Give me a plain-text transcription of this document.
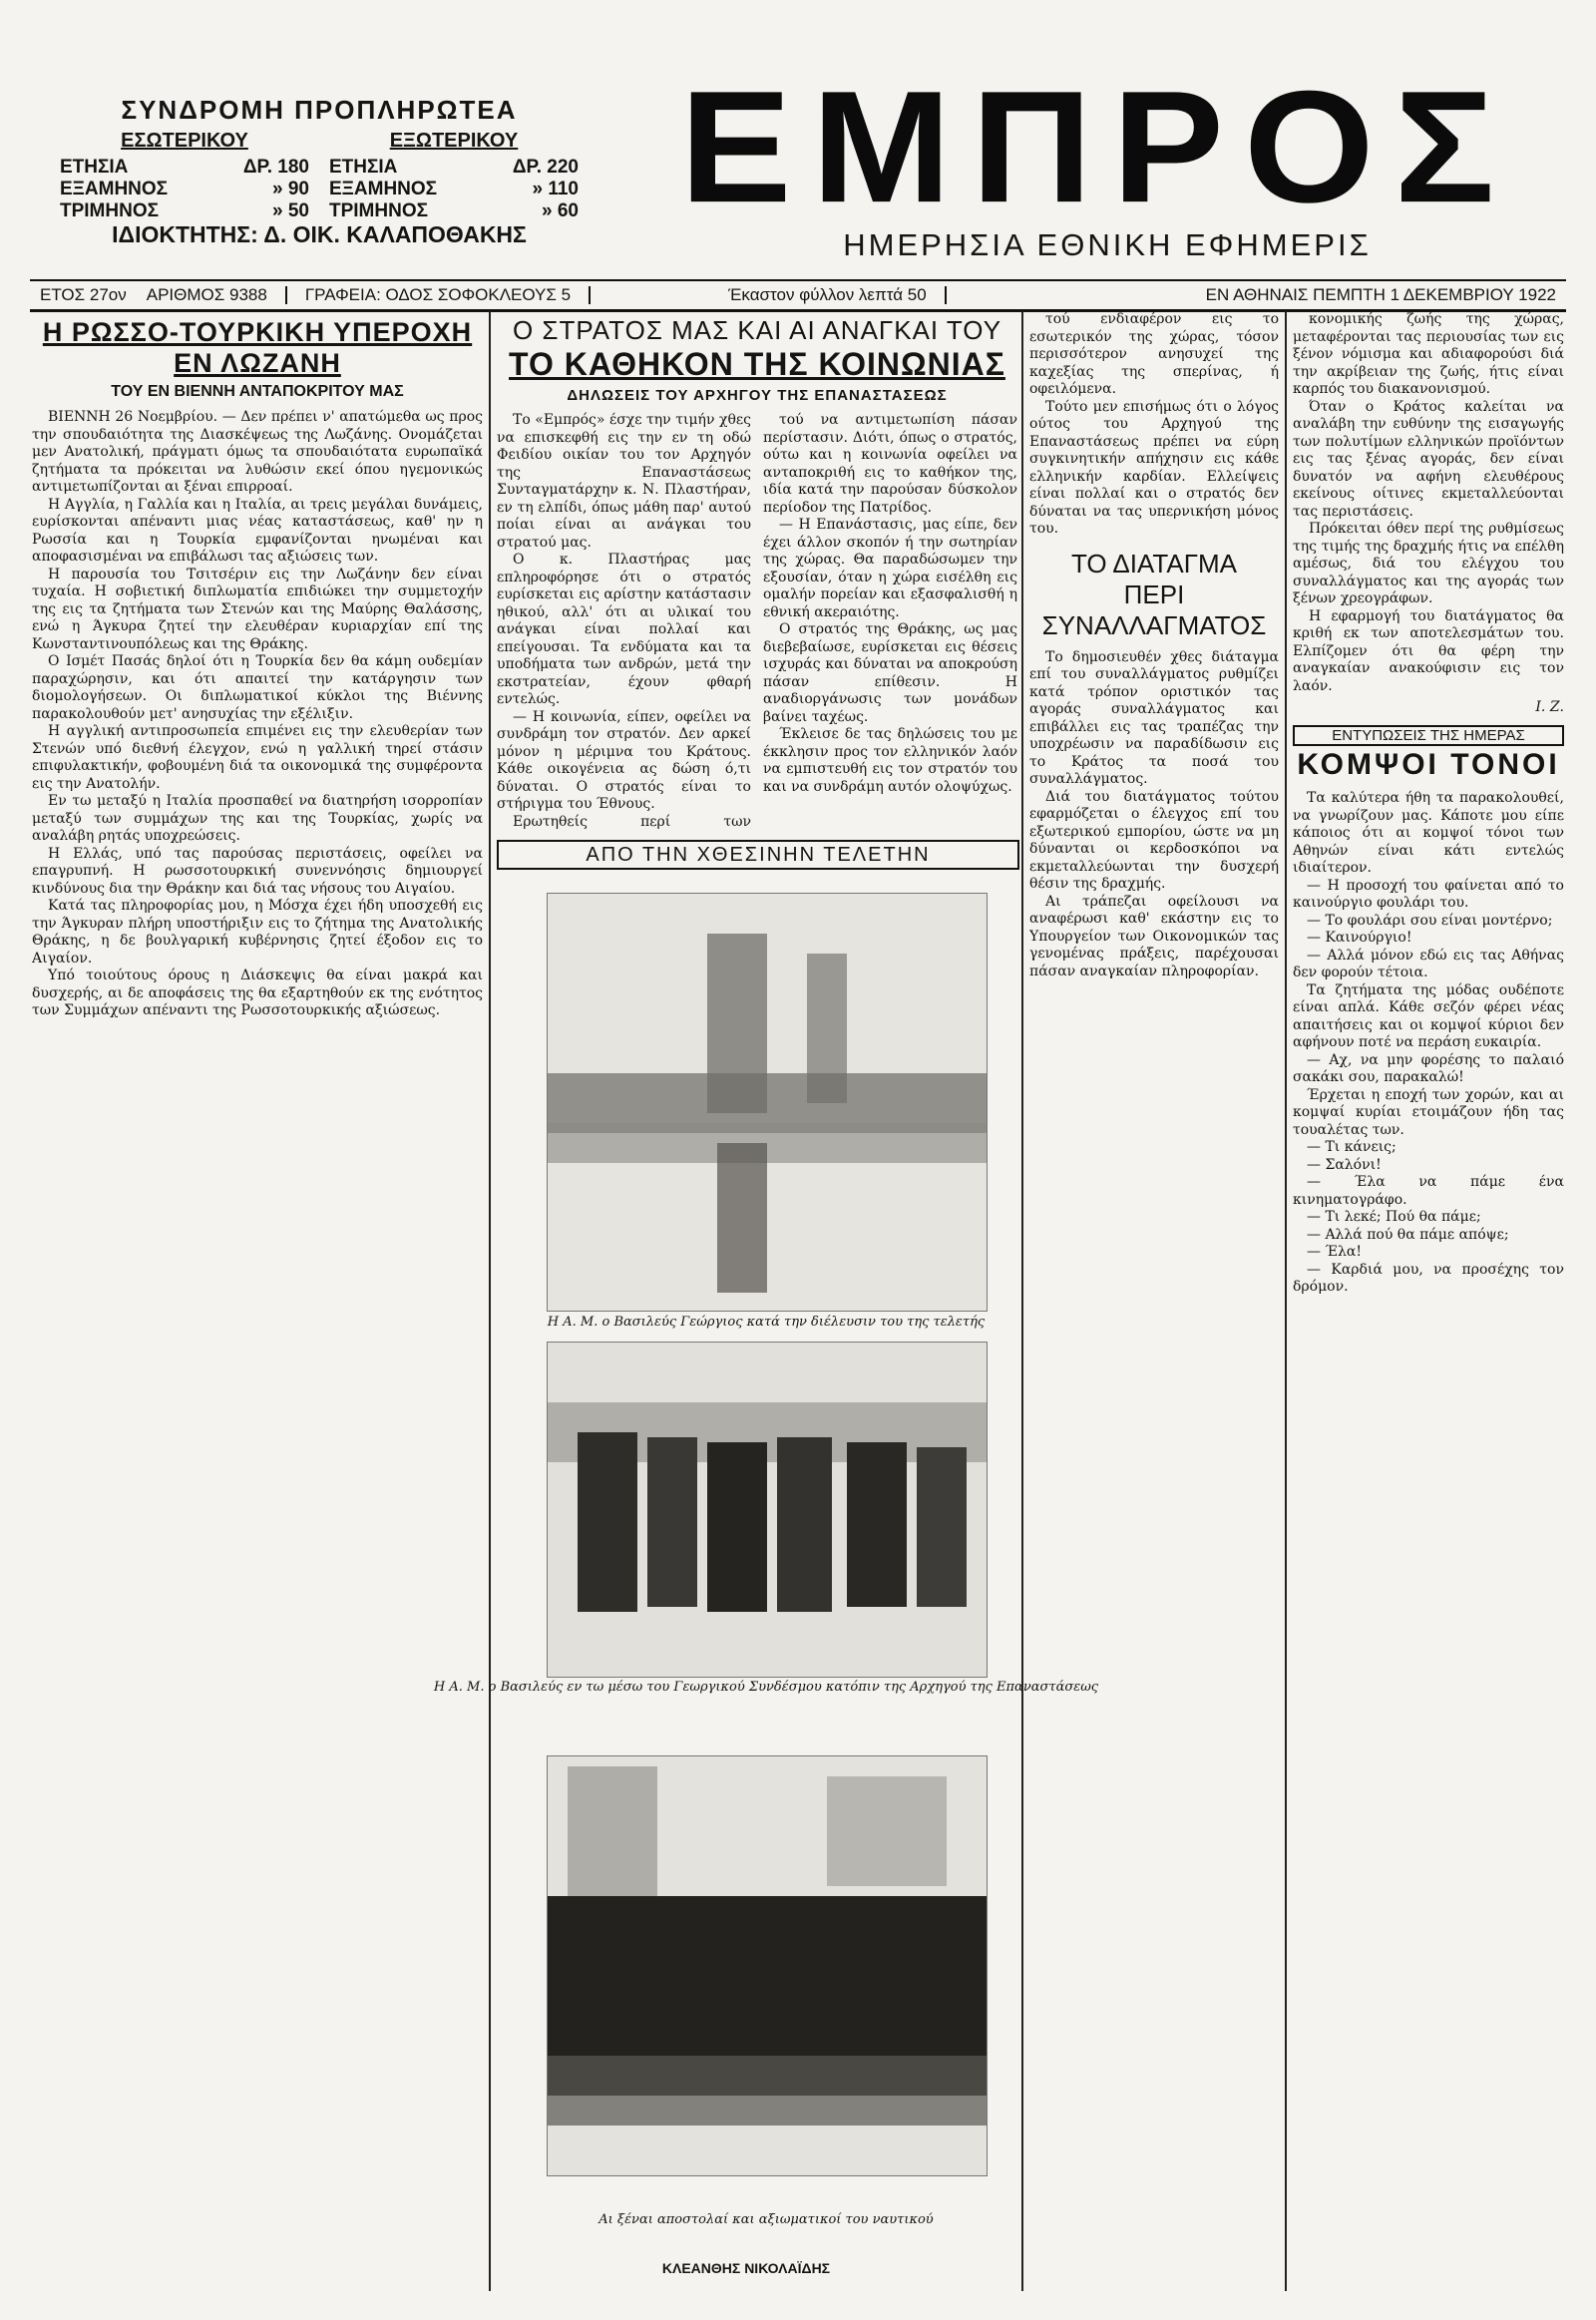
ΣΥΝΔΡΟΜΗ ΠΡΟΠΛΗΡΩΤΕΑ
ΕΣΩΤΕΡΙΚΟΥ
ΕΤΗΣΙΑ	ΔΡ. 180
ΕΞΑΜΗΝΟΣ	» 90
ΤΡΙΜΗΝΟΣ	» 50
ΕΞΩΤΕΡΙΚΟΥ
ΕΤΗΣΙΑ	ΔΡ. 220
ΕΞΑΜΗΝΟΣ	» 110
ΤΡΙΜΗΝΟΣ	» 60
ΙΔΙΟΚΤΗΤΗΣ: Δ. ΟΙΚ. ΚΑΛΑΠΟΘΑΚΗΣ ΕΜΠΡΟΣ
ΗΜΕΡΗΣΙΑ ΕΘΝΙΚΗ ΕΦΗΜΕΡΙΣ
ΕΤΟΣ 27ον	ΑΡΙΘΜΟΣ 9388	ΓΡΑΦΕΙΑ: ΟΔΟΣ ΣΟΦΟΚΛΕΟΥΣ 5	Έκαστον φύλλον λεπτά 50	ΕΝ ΑΘΗΝΑΙΣ ΠΕΜΠΤΗ 1 ΔΕΚΕΜΒΡΙΟΥ 1922
Η ΡΩΣΣΟ-ΤΟΥΡΚΙΚΗ ΥΠΕΡΟΧΗ ΕΝ ΛΩΖΑΝΗ
ΤΟΥ ΕΝ ΒΙΕΝΝΗ ΑΝΤΑΠΟΚΡΙΤΟΥ ΜΑΣ

ΒΙΕΝΝΗ 26 Νοεμβρίου. — Δεν πρέπει ν' απατώμεθα ως προς την σπουδαιότητα της Διασκέψεως της Λωζάνης. Ονομάζεται μεν Ανατολική, πράγματι όμως τα σπουδαιότατα ευρωπαϊκά ζητήματα τα πρόκειται να λυθώσιν εκεί όπου ηγεμονικώς αντιμετωπίζονται αι ξέναι επιρροαί.

Η Αγγλία, η Γαλλία και η Ιταλία, αι τρεις μεγάλαι δυνάμεις, ευρίσκονται απέναντι μιας νέας καταστάσεως, καθ' ην η Ρωσσία και η Τουρκία εμφανίζονται ηνωμέναι και αποφασισμέναι να επιβάλωσι τας αξιώσεις των.

Η παρουσία του Τσιτσέριν εις την Λωζάνην δεν είναι τυχαία. Η σοβιετική διπλωματία επιδιώκει την συμμετοχήν της εις τα ζητήματα των Στενών και της Μαύρης Θαλάσσης, ενώ η Άγκυρα ζητεί την ελευθέραν κυριαρχίαν επί της Κωνσταντινουπόλεως και της Θράκης.

Ο Ισμέτ Πασάς δηλοί ότι η Τουρκία δεν θα κάμη ουδεμίαν παραχώρησιν, και ότι απαιτεί την κατάργησιν των διομολογήσεων. Οι διπλωματικοί κύκλοι της Βιέννης παρακολουθούν μετ' ανησυχίας την εξέλιξιν.

Η αγγλική αντιπροσωπεία επιμένει εις την ελευθερίαν των Στενών υπό διεθνή έλεγχον, ενώ η γαλλική τηρεί στάσιν επιφυλακτικήν, φοβουμένη διά τα οικονομικά της συμφέροντα εις την Ανατολήν.

Εν τω μεταξύ η Ιταλία προσπαθεί να διατηρήση ισορροπίαν μεταξύ των συμμάχων της και της Τουρκίας, χωρίς να αναλάβη ρητάς υποχρεώσεις.

Η Ελλάς, υπό τας παρούσας περιστάσεις, οφείλει να επαγρυπνή. Η ρωσσοτουρκική συνεννόησις δημιουργεί κινδύνους δια την Θράκην και διά τας νήσους του Αιγαίου.

Κατά τας πληροφορίας μου, η Μόσχα έχει ήδη υποσχεθή εις την Άγκυραν πλήρη υποστήριξιν εις το ζήτημα της Ανατολικής Θράκης, η δε βουλγαρική κυβέρνησις ζητεί έξοδον εις το Αιγαίον.

Υπό τοιούτους όρους η Διάσκεψις θα είναι μακρά και δυσχερής, αι δε αποφάσεις της θα εξαρτηθούν εκ της ενότητος των Συμμάχων απέναντι της Ρωσσοτουρκικής αξιώσεως.

ΚΛΕΑΝΘΗΣ ΝΙΚΟΛΑΪΔΗΣ
Ο ΣΤΡΑΤΟΣ ΜΑΣ ΚΑΙ ΑΙ ΑΝΑΓΚΑΙ ΤΟΥ
ΤΟ ΚΑΘΗΚΟΝ ΤΗΣ ΚΟΙΝΩΝΙΑΣ
ΔΗΛΩΣΕΙΣ ΤΟΥ ΑΡΧΗΓΟΥ ΤΗΣ ΕΠΑΝΑΣΤΑΣΕΩΣ

Το «Εμπρός» έσχε την τιμήν χθες να επισκεφθή εις την εν τη οδώ Φειδίου οικίαν του τον Αρχηγόν της Επαναστάσεως Συνταγματάρχην κ. Ν. Πλαστήραν, εν τη ελπίδι, όπως μάθη παρ' αυτού ποίαι είναι αι ανάγκαι του στρατού μας.

Ο κ. Πλαστήρας μας επληροφόρησε ότι ο στρατός ευρίσκεται εις αρίστην κατάστασιν ηθικού, αλλ' ότι αι υλικαί του ανάγκαι είναι πολλαί και επείγουσαι. Τα ενδύματα και τα υποδήματα των ανδρών, μετά την εκστρατείαν, έχουν φθαρή εντελώς.

— Η κοινωνία, είπεν, οφείλει να συνδράμη τον στρατόν. Δεν αρκεί μόνον η μέριμνα του Κράτους. Κάθε οικογένεια ας δώση ό,τι δύναται. Ο στρατός είναι το στήριγμα του Έθνους.

Ερωτηθείς περί των

τού να αντιμετωπίση πάσαν περίστασιν. Διότι, όπως ο στρατός, ούτω και η κοινωνία οφείλει να ανταποκριθή εις το καθήκον της, ιδία κατά την παρούσαν δύσκολον περίοδον της Πατρίδος.

— Η Επανάστασις, μας είπε, δεν έχει άλλον σκοπόν ή την σωτηρίαν της χώρας. Θα παραδώσωμεν την εξουσίαν, όταν η χώρα εισέλθη εις ομαλήν πορείαν και εξασφαλισθή η εθνική ακεραιότης.

Ο στρατός της Θράκης, ως μας διεβεβαίωσε, ευρίσκεται εις θέσεις ισχυράς και δύναται να αποκρούση πάσαν επίθεσιν. Η αναδιοργάνωσις των μονάδων βαίνει ταχέως.

Έκλεισε δε τας δηλώσεις του με έκκλησιν προς τον ελληνικόν λαόν να εμπιστευθή εις τον στρατόν του και να συνδράμη αυτόν ολοψύχως.

ΑΠΟ ΤΗΝ ΧΘΕΣΙΝΗΝ ΤΕΛΕΤΗΝ
Η Α. Μ. ο Βασιλεύς Γεώργιος κατά την διέλευσιν του της τελετής
Η Α. Μ. ο Βασιλεύς εν τω μέσω του Γεωργικού Συνδέσμου κατόπιν της Αρχηγού της Επαναστάσεως
Αι ξέναι αποστολαί και αξιωματικοί του ναυτικού

τού ενδιαφέρον εις το εσωτερικόν της χώρας, τόσον περισσότερον ανησυχεί της καχεξίας της σπερίνας, ή οφειλόμενα.

Τούτο μεν επισήμως ότι ο λόγος ούτος του Αρχηγού της Επαναστάσεως πρέπει να εύρη συγκινητικήν απήχησιν εις κάθε ελληνικήν καρδίαν. Ελλείψεις είναι πολλαί και ο στρατός δεν δύναται να τας υπερνικήση μόνος του.

ΤΟ ΔΙΑΤΑΓΜΑ
ΠΕΡΙ ΣΥΝΑΛΛΑΓΜΑΤΟΣ

Το δημοσιευθέν χθες διάταγμα επί του συναλλάγματος ρυθμίζει κατά τρόπον οριστικόν τας αγοράς συναλλάγματος και επιβάλλει εις τας τραπέζας την υποχρέωσιν να παραδίδωσιν εις το Κράτος τα ποσά του συναλλάγματος.

Διά του διατάγματος τούτου εφαρμόζεται ο έλεγχος επί του εξωτερικού εμπορίου, ώστε να μη δύνανται οι κερδοσκόποι να εκμεταλλεύωνται την δυσχερή θέσιν της δραχμής.

Αι τράπεζαι οφείλουσι να αναφέρωσι καθ' εκάστην εις το Υπουργείον των Οικονομικών τας γενομένας πράξεις, παρέχουσαι πάσαν αναγκαίαν πληροφορίαν.

κονομικής ζωής της χώρας, μεταφέρονται τας περιουσίας των εις ξένον νόμισμα και αδιαφορούσι διά την ακρίβειαν της ζωής, ήτις είναι καρπός του διακανονισμού.

Όταν ο Κράτος καλείται να αναλάβη την ευθύνην της εισαγωγής των πολυτίμων ελληνικών προϊόντων εις τας ξένας αγοράς, δεν είναι δυνατόν να αφήνη ελευθέρους εκείνους οίτινες εκμεταλλεύονται τας περιστάσεις.

Πρόκειται όθεν περί της ρυθμίσεως της τιμής της δραχμής ήτις να επέλθη αμέσως, διά του ελέγχου του συναλλάγματος και της αγοράς των ξένων χρεογράφων.

Η εφαρμογή του διατάγματος θα κριθή εκ των αποτελεσμάτων του. Ελπίζομεν ότι θα φέρη την αναγκαίαν ανακούφισιν εις τον λαόν.

Ι. Ζ.
ΕΝΤΥΠΩΣΕΙΣ ΤΗΣ ΗΜΕΡΑΣ
ΚΟΜΨΟΙ ΤΟΝΟΙ

Τα καλύτερα ήθη τα παρακολουθεί, να γνωρίζουν μας. Κάποτε μου είπε κάποιος ότι αι κομψοί τόνοι των Αθηνών είναι κάτι εντελώς ιδιαίτερον.

— Η προσοχή του φαίνεται από το καινούργιο φουλάρι του.

— Το φουλάρι σου είναι μοντέρνο;

— Καινούργιο!

— Αλλά μόνον εδώ εις τας Αθήνας δεν φορούν τέτοια.

Τα ζητήματα της μόδας ουδέποτε είναι απλά. Κάθε σεζόν φέρει νέας απαιτήσεις και οι κομψοί κύριοι δεν αφήνουν ποτέ να περάση ευκαιρία.

— Αχ, να μην φορέσης το παλαιό σακάκι σου, παρακαλώ!

Έρχεται η εποχή των χορών, και αι κομψαί κυρίαι ετοιμάζουν ήδη τας τουαλέτας των.

— Τι κάνεις;

— Σαλόνι!

— Έλα να πάμε ένα κινηματογράφο.

— Τι λεκέ; Πού θα πάμε;

— Αλλά πού θα πάμε απόψε;

— Έλα!

— Καρδιά μου, να προσέχης τον δρόμον.
